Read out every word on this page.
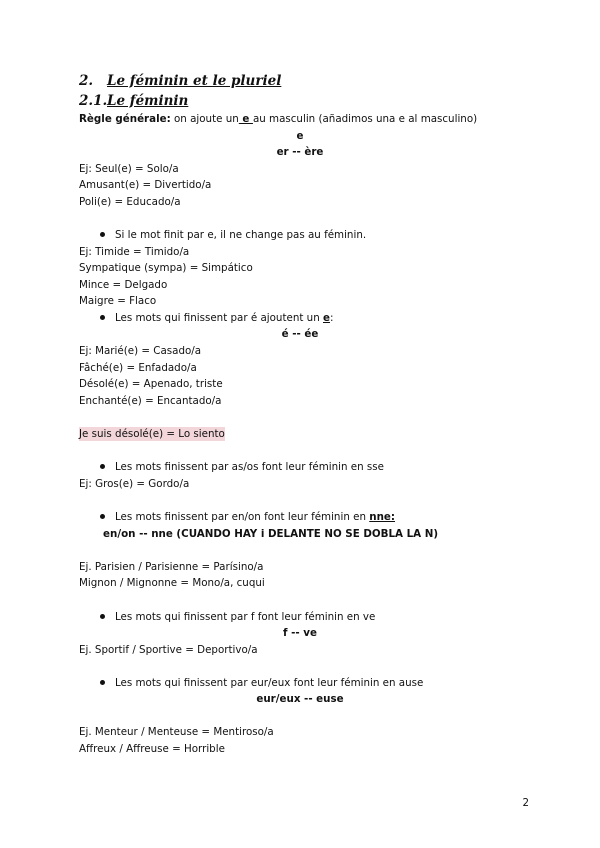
2. Le féminin et le pluriel
2.1.Le féminin
Règle générale: on ajoute un e au masculin (añadimos una e al masculino)
e
er -- ère
Ej: Seul(e) = Solo/a
Amusant(e) = Divertido/a
Poli(e) = Educado/a
Si le mot finit par e, il ne change pas au féminin.
Ej: Timide = Timido/a
Sympatique (sympa) = Simpático
Mince = Delgado
Maigre = Flaco
Les mots qui finissent par é ajoutent un e:
é -- ée
Ej: Marié(e) = Casado/a
Fâché(e) = Enfadado/a
Désolé(e) = Apenado, triste
Enchanté(e) = Encantado/a
Je suis désolé(e) = Lo siento
Les mots finissent par as/os font leur féminin en sse
Ej: Gros(e) = Gordo/a
Les mots finissent par en/on font leur féminin en nne:
en/on -- nne (CUANDO HAY i DELANTE NO SE DOBLA LA N)
Ej. Parisien / Parisienne = Parísino/a
Mignon / Mignonne = Mono/a, cuqui
Les mots qui finissent par f font leur féminin en ve
f -- ve
Ej. Sportif / Sportive = Deportivo/a
Les mots qui finissent par eur/eux font leur féminin en ause
eur/eux -- euse
Ej. Menteur / Menteuse = Mentiroso/a
Affreux / Affreuse = Horrible
2
